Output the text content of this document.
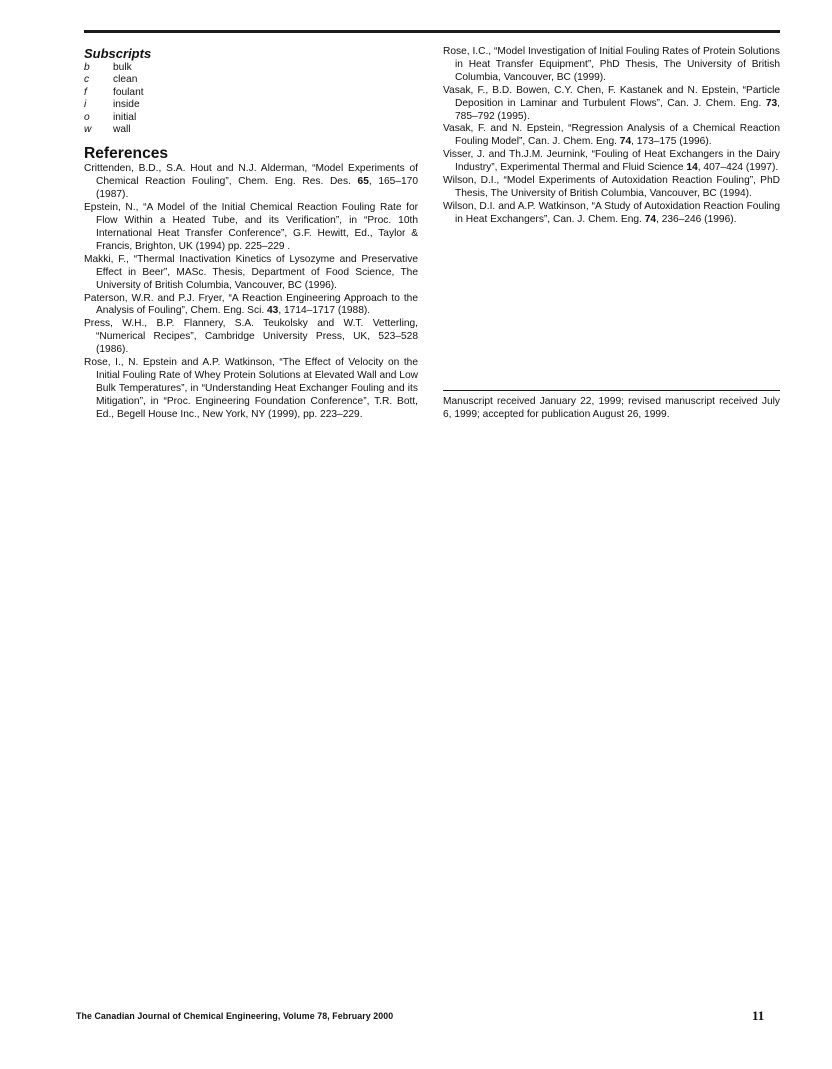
Subscripts
b	bulk
c	clean
f	foulant
i	inside
o	initial
w	wall
References

Crittenden, B.D., S.A. Hout and N.J. Alderman, “Model Experiments of Chemical Reaction Fouling”, Chem. Eng. Res. Des. 65, 165–170 (1987).

Epstein, N., “A Model of the Initial Chemical Reaction Fouling Rate for Flow Within a Heated Tube, and its Verification”, in “Proc. 10th International Heat Transfer Conference”, G.F. Hewitt, Ed., Taylor & Francis, Brighton, UK (1994) pp. 225–229 .

Makki, F., “Thermal Inactivation Kinetics of Lysozyme and Preservative Effect in Beer”, MASc. Thesis, Department of Food Science, The University of British Columbia, Vancouver, BC (1996).

Paterson, W.R. and P.J. Fryer, “A Reaction Engineering Approach to the Analysis of Fouling”, Chem. Eng. Sci. 43, 1714–1717 (1988).

Press, W.H., B.P. Flannery, S.A. Teukolsky and W.T. Vetterling, “Numerical Recipes”, Cambridge University Press, UK, 523–528 (1986).

Rose, I., N. Epstein and A.P. Watkinson, “The Effect of Velocity on the Initial Fouling Rate of Whey Protein Solutions at Elevated Wall and Low Bulk Temperatures”, in “Understanding Heat Exchanger Fouling and its Mitigation”, in “Proc. Engineering Foundation Conference”, T.R. Bott, Ed., Begell House Inc., New York, NY (1999), pp. 223–229.

Rose, I.C., “Model Investigation of Initial Fouling Rates of Protein Solutions in Heat Transfer Equipment”, PhD Thesis, The University of British Columbia, Vancouver, BC (1999).

Vasak, F., B.D. Bowen, C.Y. Chen, F. Kastanek and N. Epstein, “Particle Deposition in Laminar and Turbulent Flows”, Can. J. Chem. Eng. 73, 785–792 (1995).

Vasak, F. and N. Epstein, “Regression Analysis of a Chemical Reaction Fouling Model”, Can. J. Chem. Eng. 74, 173–175 (1996).

Visser, J. and Th.J.M. Jeurnink, “Fouling of Heat Exchangers in the Dairy Industry”, Experimental Thermal and Fluid Science 14, 407–424 (1997).

Wilson, D.I., “Model Experiments of Autoxidation Reaction Fouling”, PhD Thesis, The University of British Columbia, Vancouver, BC (1994).

Wilson, D.I. and A.P. Watkinson, “A Study of Autoxidation Reaction Fouling in Heat Exchangers”, Can. J. Chem. Eng. 74, 236–246 (1996).

Manuscript received January 22, 1999; revised manuscript received July 6, 1999; accepted for publication August 26, 1999.

The Canadian Journal of Chemical Engineering, Volume 78, February 2000	11
